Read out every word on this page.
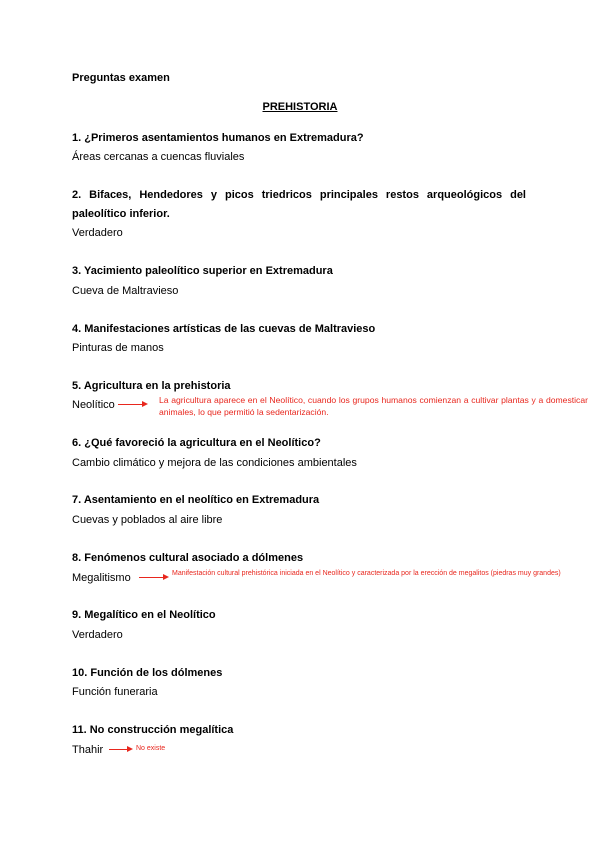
Preguntas examen
PREHISTORIA
1. ¿Primeros asentamientos humanos en Extremadura?
Áreas cercanas a cuencas fluviales
2. Bifaces, Hendedores y picos triedricos principales restos arqueológicos del paleolítico inferior.
Verdadero
3. Yacimiento paleolítico superior en Extremadura
Cueva de Maltravieso
4. Manifestaciones artísticas de las cuevas de Maltravieso
Pinturas de manos
5. Agricultura en la prehistoria
Neolítico	La agricultura aparece en el Neolítico, cuando los grupos humanos comienzan a cultivar plantas y a domesticar animales, lo que permitió la sedentarización.
6. ¿Qué favoreció la agricultura en el Neolítico?
Cambio climático y mejora de las condiciones ambientales
7. Asentamiento en el neolítico en Extremadura
Cuevas y poblados al aire libre
8. Fenómenos cultural asociado a dólmenes
Megalitismo	Manifestación cultural prehistórica iniciada en el Neolítico y caracterizada por la erección de megalitos (piedras muy grandes)
9. Megalítico en el Neolítico
Verdadero
10. Función de los dólmenes
Función funeraria
11. No construcción megalítica
Thahir	No existe
